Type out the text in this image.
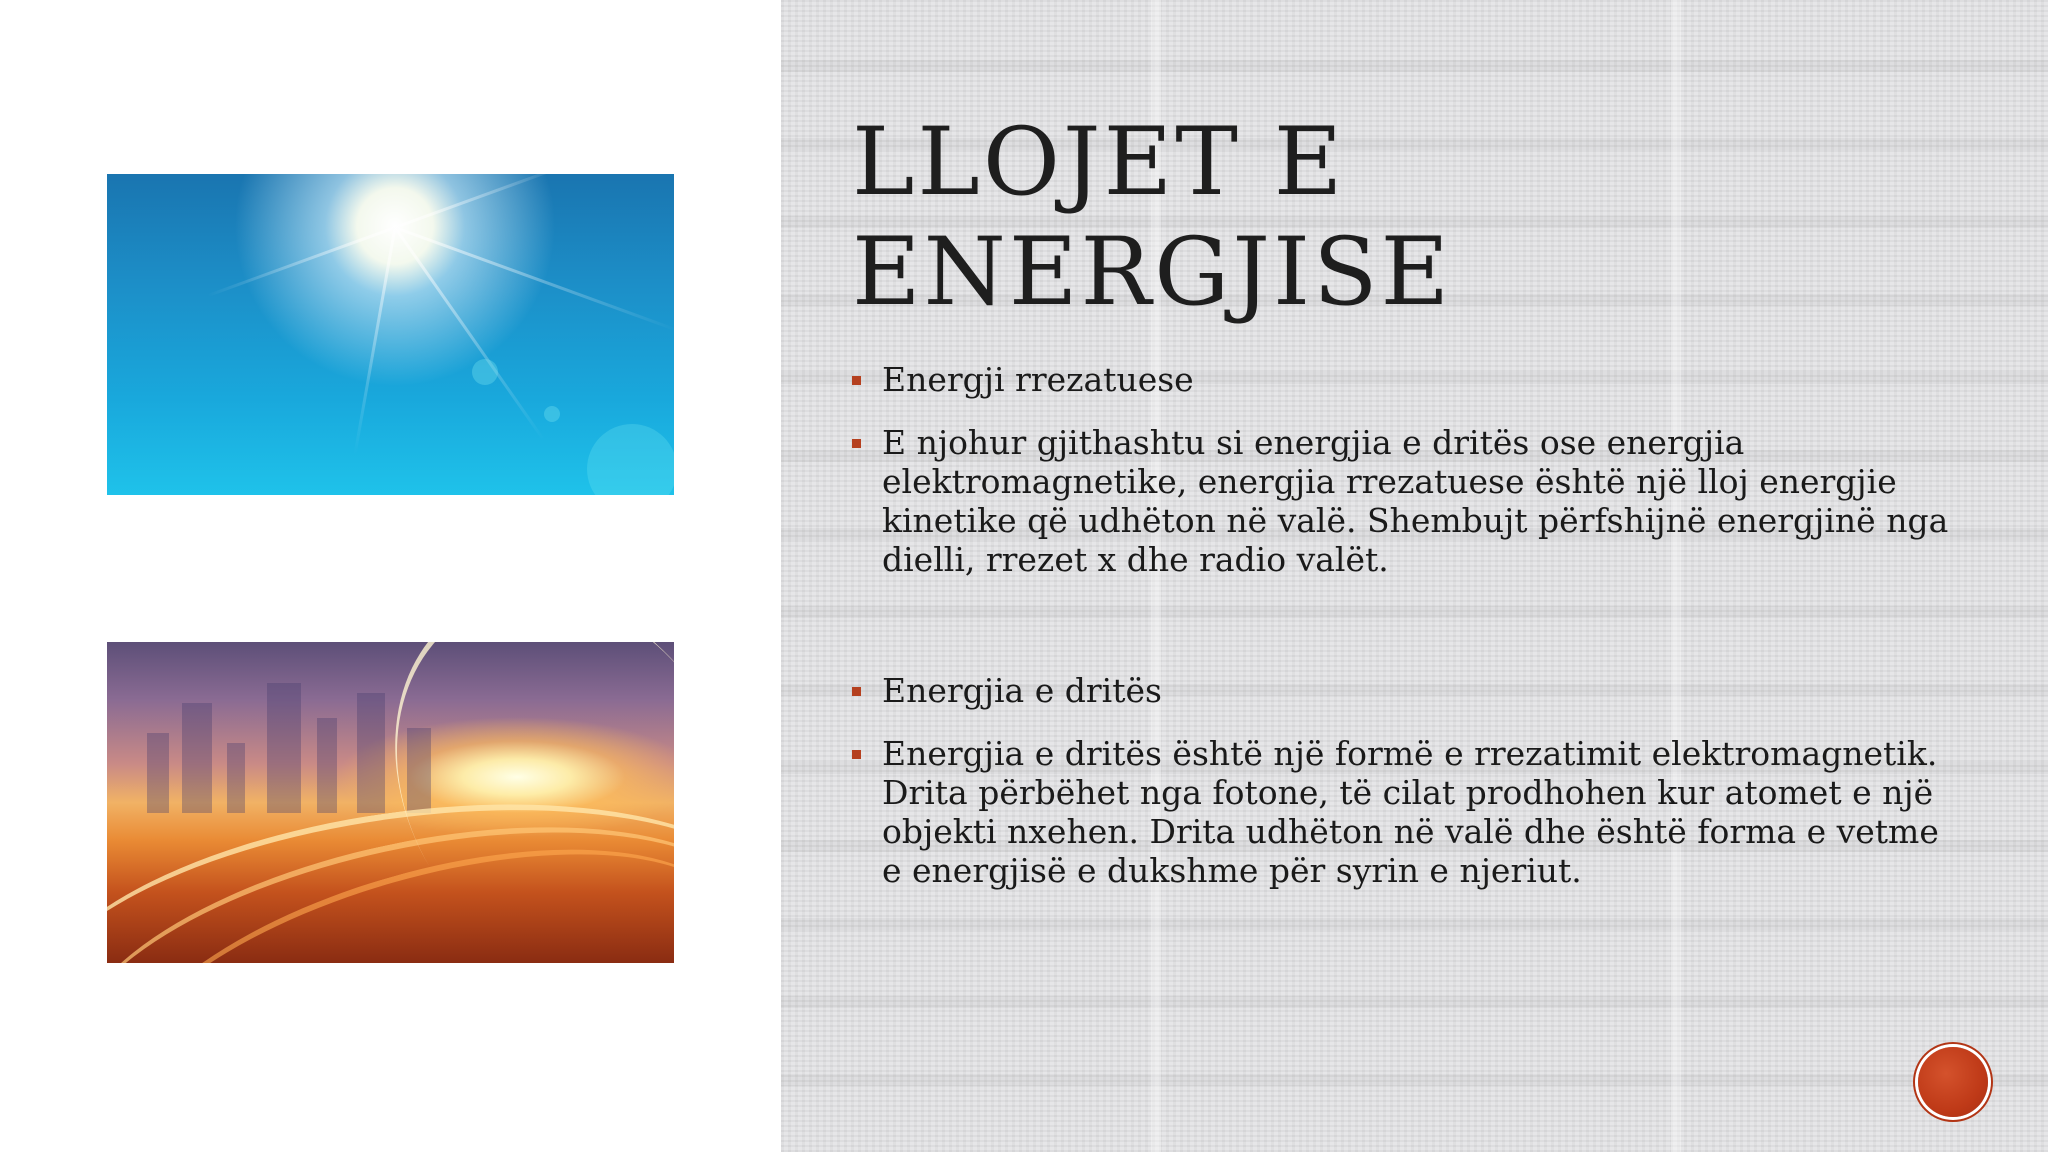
LLOJET E
ENERGJISE
Energji rrezatuese
E njohur gjithashtu si energjia e dritës ose energjia elektromagnetike, energjia rrezatuese është një lloj energjie kinetike që udhëton në valë. Shembujt përfshijnë energjinë nga dielli, rrezet x dhe radio valët.
Energjia e dritës
Energjia e dritës është një formë e rrezatimit elektromagnetik. Drita përbëhet nga fotone, të cilat prodhohen kur atomet e një objekti nxehen. Drita udhëton në valë dhe është forma e vetme e energjisë e dukshme për syrin e njeriut.
